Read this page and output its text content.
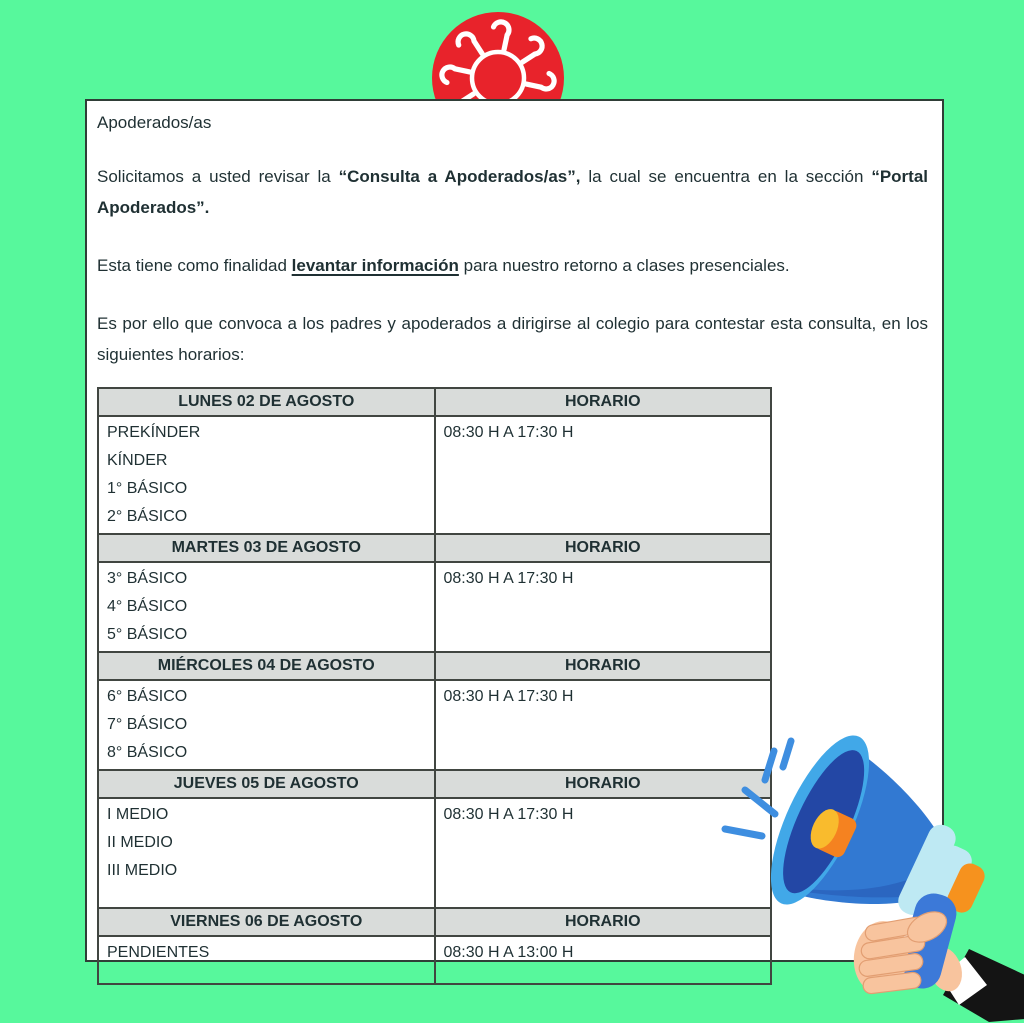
Apoderados/as

Solicitamos a usted revisar la “Consulta a Apoderados/as”, la cual se encuentra en la sección “Portal Apoderados”.

Esta tiene como finalidad levantar información para nuestro retorno a clases presenciales.

Es por ello que convoca a los padres y apoderados a dirigirse al colegio para contestar esta consulta, en los siguientes horarios:

LUNES 02 DE AGOSTO	HORARIO

PREKÍNDER
KÍNDER
1° BÁSICO
2° BÁSICO	08:30 H A 17:30 H
MARTES 03 DE AGOSTO	HORARIO

3° BÁSICO
4° BÁSICO
5° BÁSICO	08:30 H A 17:30 H
MIÉRCOLES 04 DE AGOSTO	HORARIO

6° BÁSICO
7° BÁSICO
8° BÁSICO	08:30 H A 17:30 H
JUEVES 05 DE AGOSTO	HORARIO

I MEDIO
II MEDIO
III MEDIO	08:30 H A 17:30 H
VIERNES 06 DE AGOSTO	HORARIO

PENDIENTES	08:30 H A 13:00 H
